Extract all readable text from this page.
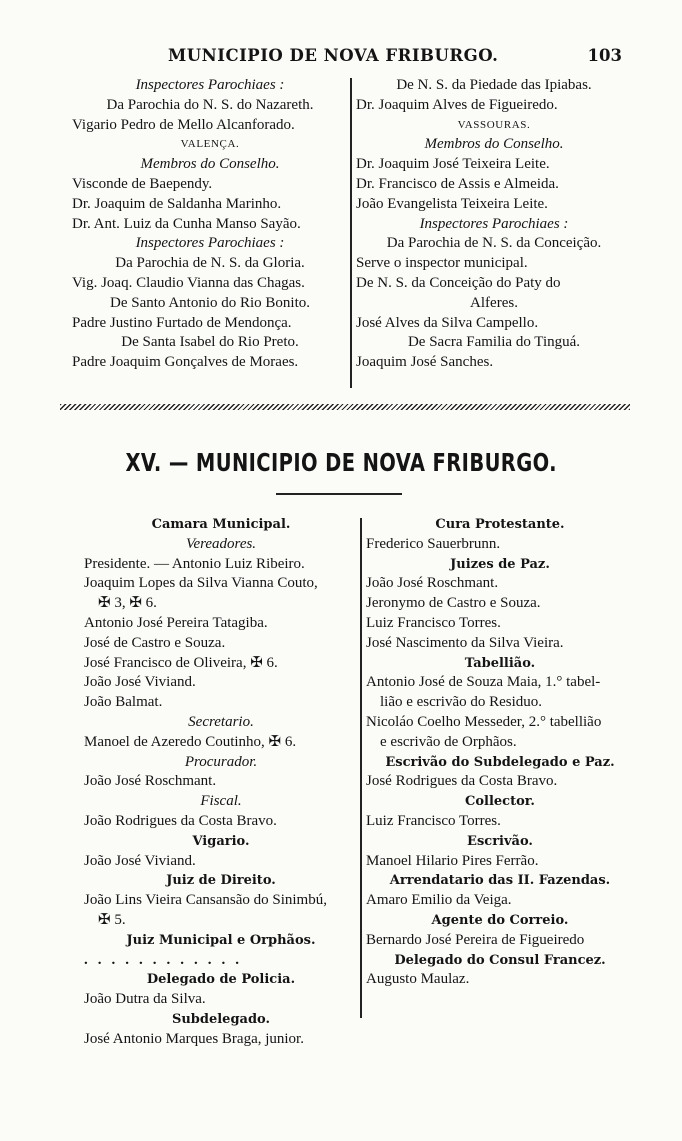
MUNICIPIO DE NOVA FRIBURGO.	103
Inspectores Parochiaes :
Da Parochia do N. S. do Nazareth.
Vigario Pedro de Mello Alcanforado.
VALENÇA.
Membros do Conselho.
Visconde de Baependy.
Dr. Joaquim de Saldanha Marinho.
Dr. Ant. Luiz da Cunha Manso Sayão.
Inspectores Parochiaes :
Da Parochia de N. S. da Gloria.
Vig. Joaq. Claudio Vianna das Chagas.
De Santo Antonio do Rio Bonito.
Padre Justino Furtado de Mendonça.
De Santa Isabel do Rio Preto.
Padre Joaquim Gonçalves de Moraes.
De N. S. da Piedade das Ipiabas.
Dr. Joaquim Alves de Figueiredo.
VASSOURAS.
Membros do Conselho.
Dr. Joaquim José Teixeira Leite.
Dr. Francisco de Assis e Almeida.
João Evangelista Teixeira Leite.
Inspectores Parochiaes :
Da Parochia de N. S. da Conceição.
Serve o inspector municipal.
De N. S. da Conceição do Paty do
Alferes.
José Alves da Silva Campello.
De Sacra Familia do Tinguá.
Joaquim José Sanches.
XV. — MUNICIPIO DE NOVA FRIBURGO.
Camara Municipal.
Vereadores.
Presidente. — Antonio Luiz Ribeiro.
Joaquim Lopes da Silva Vianna Couto,
✠ 3, ✠ 6.
Antonio José Pereira Tatagiba.
José de Castro e Souza.
José Francisco de Oliveira, ✠ 6.
João José Viviand.
João Balmat.
Secretario.
Manoel de Azeredo Coutinho, ✠ 6.
Procurador.
João José Roschmant.
Fiscal.
João Rodrigues da Costa Bravo.
Vigario.
João José Viviand.
Juiz de Direito.
João Lins Vieira Cansansão do Sinimbú,
✠ 5.
Juiz Municipal e Orphãos.
............
Delegado de Policia.
João Dutra da Silva.
Subdelegado.
José Antonio Marques Braga, junior.
Cura Protestante.
Frederico Sauerbrunn.
Juizes de Paz.
João José Roschmant.
Jeronymo de Castro e Souza.
Luiz Francisco Torres.
José Nascimento da Silva Vieira.
Tabellião.
Antonio José de Souza Maia, 1.° tabel-
lião e escrivão do Residuo.
Nicoláo Coelho Messeder, 2.° tabellião
e escrivão de Orphãos.
Escrivão do Subdelegado e Paz.
José Rodrigues da Costa Bravo.
Collector.
Luiz Francisco Torres.
Escrivão.
Manoel Hilario Pires Ferrão.
Arrendatario das II. Fazendas.
Amaro Emilio da Veiga.
Agente do Correio.
Bernardo José Pereira de Figueiredo
Delegado do Consul Francez.
Augusto Maulaz.
